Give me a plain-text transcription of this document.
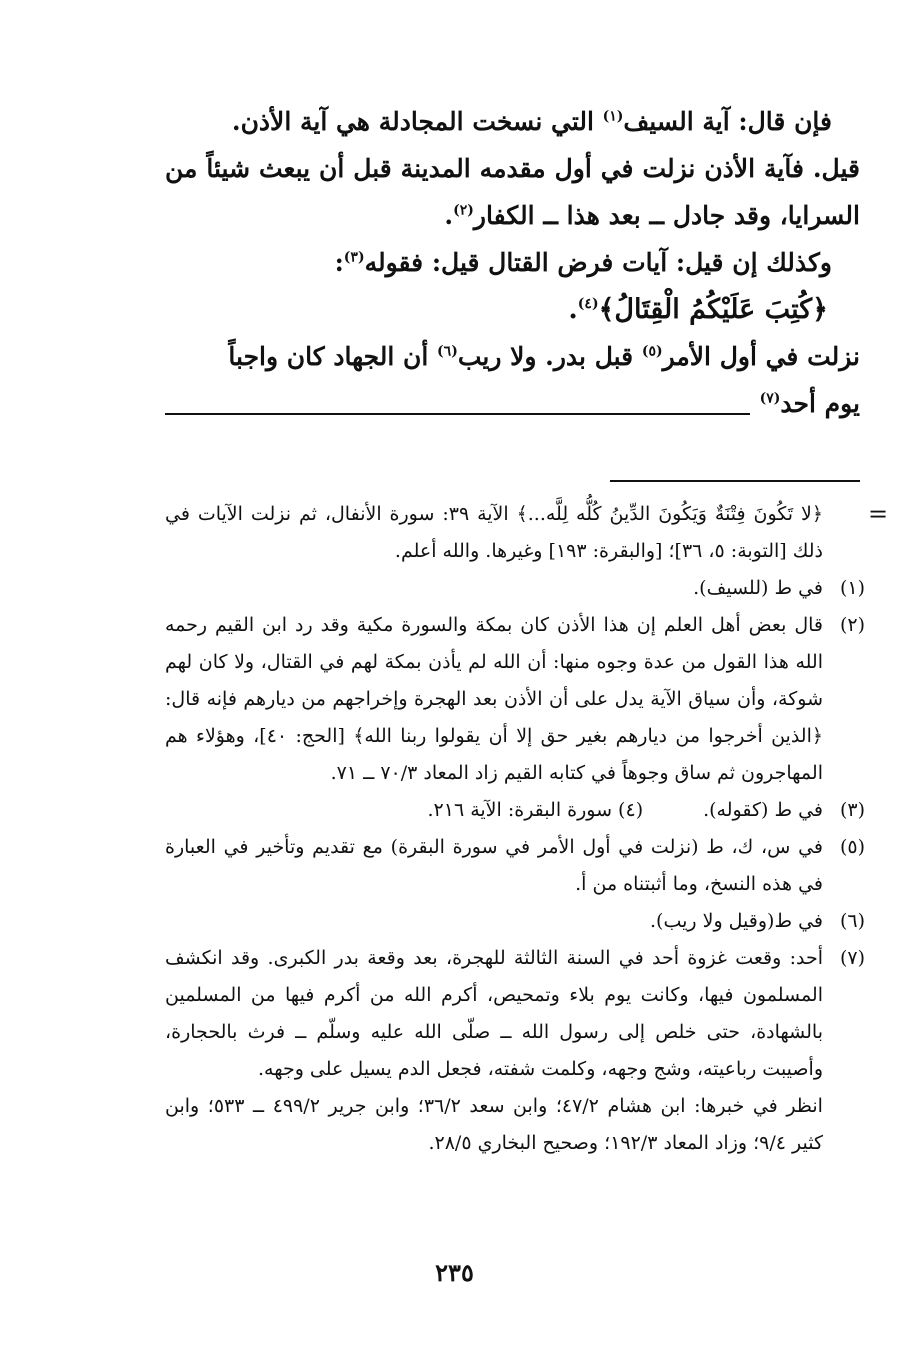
فإن قال: آية السيف$^{(١)}$ التي نسخت المجادلة هي آية الأذن.

قيل. فآية الأذن نزلت في أول مقدمه المدينة قبل أن يبعث شيئاً من السرايا، وقد جادل ــ بعد هذا ــ الكفار$^{(٢)}$.

وكذلك إن قيل: آيات فرض القتال قيل: فقوله$^{(٣)}$:

﴿كُتِبَ عَلَيْكُمُ الْقِتَالُ﴾$^{(٤)}$.

نزلت في أول الأمر$^{(٥)}$ قبل بدر. ولا ريب$^{(٦)}$ أن الجهاد كان واجباً

يوم أحد$^{(٧)}$
=

﴿لا تَكُونَ فِتْنَةٌ وَيَكُونَ الدِّينُ كُلُّه لِلَّه...﴾ الآية ٣٩: سورة الأنفال، ثم نزلت الآيات في ذلك [التوبة: ٥، ٣٦]؛ [والبقرة: ١٩٣] وغيرها. والله أعلم.

(١)
في ط (للسيف).
(٢)
قال بعض أهل العلم إن هذا الأذن كان بمكة والسورة مكية وقد رد ابن القيم رحمه الله هذا القول من عدة وجوه منها: أن الله لم يأذن بمكة لهم في القتال، ولا كان لهم شوكة، وأن سياق الآية يدل على أن الأذن بعد الهجرة وإخراجهم من ديارهم فإنه قال: ﴿الذين أخرجوا من ديارهم بغير حق إلا أن يقولوا ربنا الله﴾ [الحج: ٤٠]، وهؤلاء هم المهاجرون ثم ساق وجوهاً في كتابه القيم زاد المعاد ٧٠/٣ ــ ٧١.
(٣)
في ط (كقوله).(٤) سورة البقرة: الآية ٢١٦.
(٥)
في س، ك، ط (نزلت في أول الأمر في سورة البقرة) مع تقديم وتأخير في العبارة في هذه النسخ، وما أثبتناه من أ.
(٦)
في ط(وقيل ولا ريب).
(٧)
أحد: وقعت غزوة أحد في السنة الثالثة للهجرة، بعد وقعة بدر الكبرى. وقد انكشف المسلمون فيها، وكانت يوم بلاء وتمحيص، أكرم الله من أكرم فيها من المسلمين بالشهادة، حتى خلص إلى رسول الله ــ صلّى الله عليه وسلّم ــ فرث بالحجارة، وأصيبت رباعيته، وشج وجهه، وكلمت شفته، فجعل الدم يسيل على وجهه.

انظر في خبرها: ابن هشام ٤٧/٢؛ وابن سعد ٣٦/٢؛ وابن جرير ٤٩٩/٢ ــ ٥٣٣؛ وابن كثير ٩/٤؛ وزاد المعاد ١٩٢/٣؛ وصحيح البخاري ٢٨/٥.

٢٣٥
